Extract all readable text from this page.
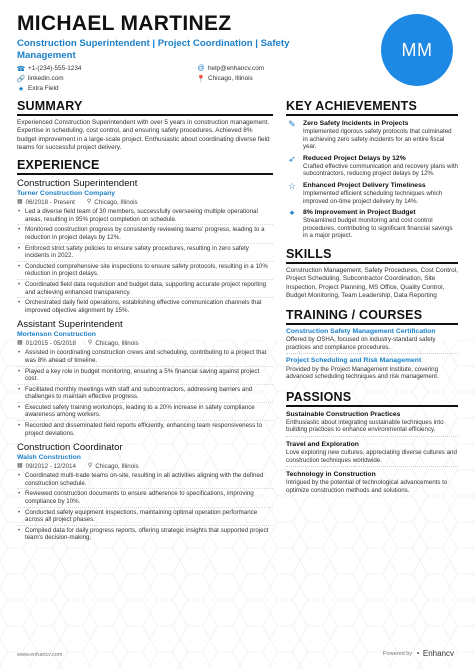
MICHAEL MARTINEZ
Construction Superintendent | Project Coordination | Safety Management
☎ +1-(234)-555-1234	@ help@enhancv.com
🔗 linkedin.com	📍 Chicago, Illinois
★ Extra Field
MM
SUMMARY
Experienced Construction Superintendent with over 5 years in construction management. Expertise in scheduling, cost control, and ensuring safety procedures. Achieved 8% budget improvement in a large-scale project. Enthusiastic about coordinating diverse field teams for successful project delivery.
EXPERIENCE
Construction Superintendent
Turner Construction Company
▦ 06/2018 - Present ⚲ Chicago, Illinois
• Led a diverse field team of 30 members, successfully overseeing multiple operational areas, resulting in 95% project completion on schedule.
• Monitored construction progress by consistently reviewing teams' progress, leading to a reduction in project delays by 12%.
• Enforced strict safety policies to ensure safety procedures, resulting in zero safety incidents in 2022.
• Conducted comprehensive site inspections to ensure safety protocols, resulting in a 10% reduction in project delays.
• Coordinated field data requisition and budget data, supporting accurate project reporting and achieving enhanced transparency.
• Orchestrated daily field operations, establishing effective communication channels that improved objective alignment by 15%.
Assistant Superintendent
Mortenson Construction
▦ 01/2015 - 05/2018 ⚲ Chicago, Illinois
• Assisted in coordinating construction crews and scheduling, contributing to a project that was 8% ahead of timeline.
• Played a key role in budget monitoring, ensuring a 5% financial saving against project cost.
• Facilitated monthly meetings with staff and subcontractors, addressing barriers and challenges to maintain effective progress.
• Executed safety training workshops, leading to a 20% increase in safety compliance awareness among workers.
• Recorded and disseminated field reports efficiently, enhancing team responsiveness to project deviations.
Construction Coordinator
Walsh Construction
▦ 09/2012 - 12/2014 ⚲ Chicago, Illinois
• Coordinated multi-trade teams on-site, resulting in all activities aligning with the defined construction schedule.
• Reviewed construction documents to ensure adherence to specifications, improving compliance by 10%.
• Conducted safety equipment inspections, maintaining optimal operation performance across all project phases.
• Compiled data for daily progress reports, offering strategic insights that supported project team's decision-making.
KEY ACHIEVEMENTS
✎	Zero Safety Incidents in Projects
Implemented rigorous safety protocols that culminated in achieving zero safety incidents for an entire fiscal year.
➶	Reduced Project Delays by 12%
Crafted effective communication and recovery plans with subcontractors, reducing project delays by 12%.
☆ Enhanced Project Delivery Timeliness
Implemented efficient scheduling techniques which improved on-time project delivery by 14%.
✦	8% Improvement in Project Budget
Streamlined budget monitoring and cost control procedures, contributing to significant financial savings in a major project.
SKILLS
Construction Management, Safety Procedures, Cost Control, Project Scheduling, Subcontractor Coordination, Site Inspection, Project Planning, MS Office, Quality Control, Budget Monitoring, Team Leadership, Data Reporting
TRAINING / COURSES
Construction Safety Management Certification
Offered by OSHA, focused on industry-standard safety practices and compliance procedures.
Project Scheduling and Risk Management
Provided by the Project Management Institute, covering advanced scheduling techniques and risk management.
PASSIONS
Sustainable Construction Practices
Enthusiastic about integrating sustainable techniques into building practices to enhance environmental efficiency.
Travel and Exploration
Love exploring new cultures, appreciating diverse cultures and construction techniques worldwide.
Technology in Construction
Intrigued by the potential of technological advancements to optimize construction methods and solutions.
www.enhancv.com	Powered by ◔ Enhancv
